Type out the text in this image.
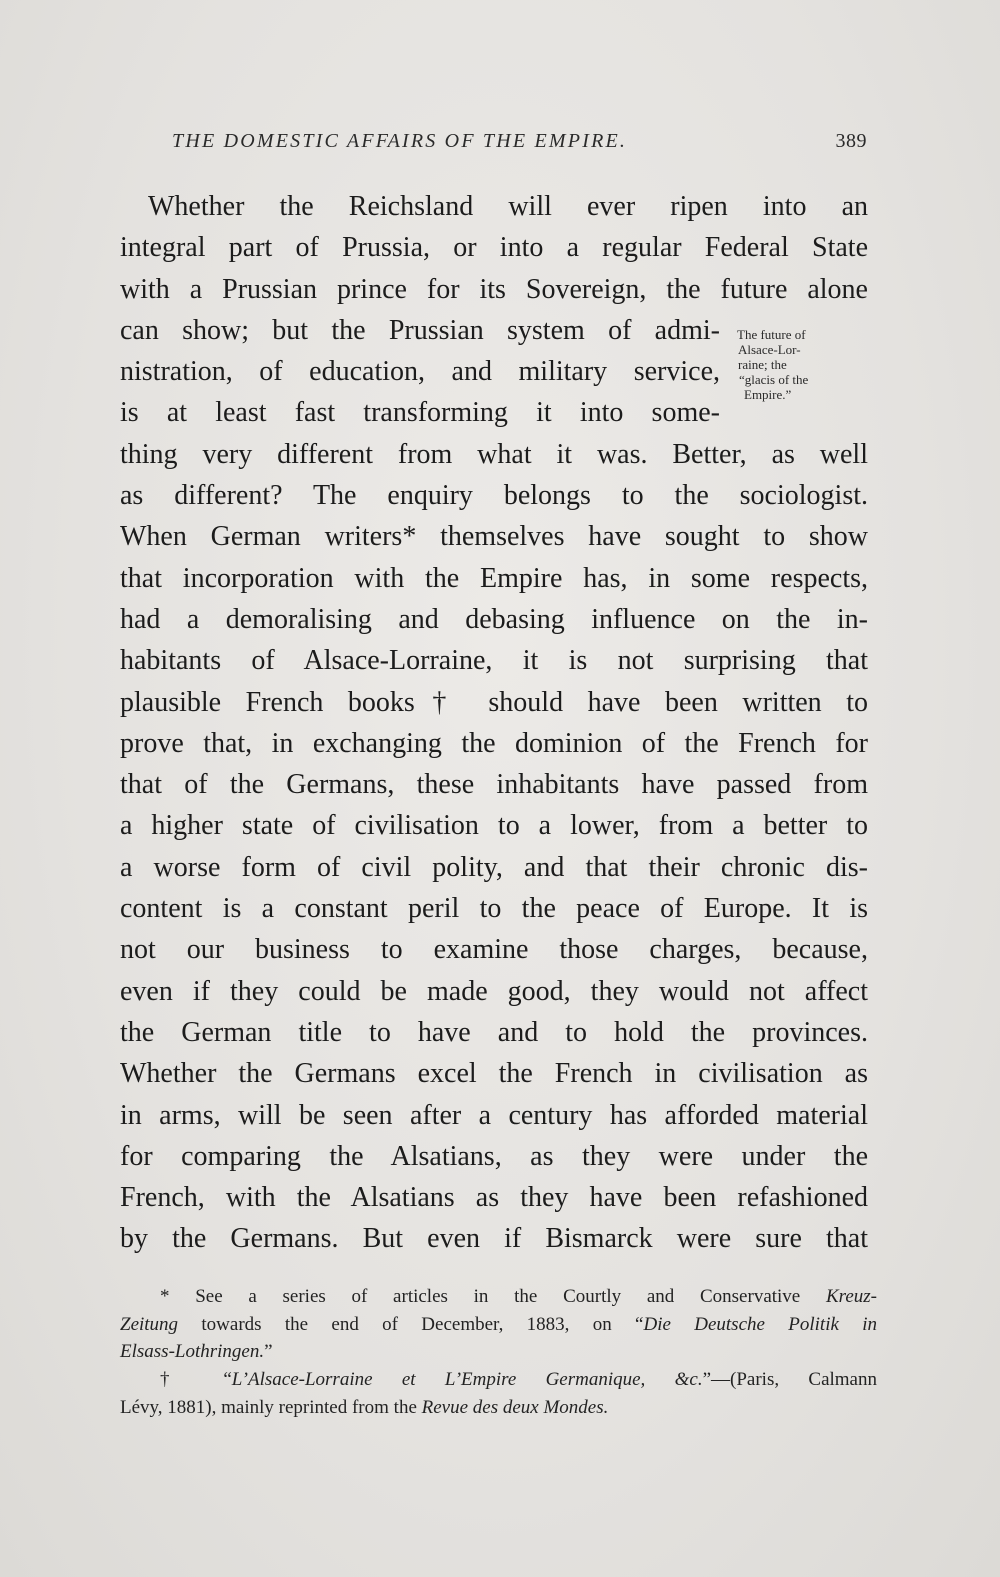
THE DOMESTIC AFFAIRS OF THE EMPIRE.	389
Whether the Reichsland will ever ripen into an
integral part of Prussia, or into a regular Federal State
with a Prussian prince for its Sovereign, the future alone
can show; but the Prussian system of admi-
nistration, of education, and military service,
is at least fast transforming it into some-
thing very different from what it was. Better, as well
as different? The enquiry belongs to the sociologist.
When German writers* themselves have sought to show
that incorporation with the Empire has, in some respects,
had a demoralising and debasing influence on the in-
habitants of Alsace-Lorraine, it is not surprising that
plausible French books† should have been written to
prove that, in exchanging the dominion of the French for
that of the Germans, these inhabitants have passed from
a higher state of civilisation to a lower, from a better to
a worse form of civil polity, and that their chronic dis-
content is a constant peril to the peace of Europe. It is
not our business to examine those charges, because,
even if they could be made good, they would not affect
the German title to have and to hold the provinces.
Whether the Germans excel the French in civilisation as
in arms, will be seen after a century has afforded material
for comparing the Alsatians, as they were under the
French, with the Alsatians as they have been refashioned
by the Germans. But even if Bismarck were sure that
The future of
Alsace-Lor-
raine; the
“glacis of the
Empire.”
* See a series of articles in the Courtly and Conservative Kreuz-
Zeitung towards the end of December, 1883, on “Die Deutsche Politik in
Elsass-Lothringen.”
† “L’Alsace-Lorraine et L’Empire Germanique, &c.”—(Paris, Calmann
Lévy, 1881), mainly reprinted from the Revue des deux Mondes.
